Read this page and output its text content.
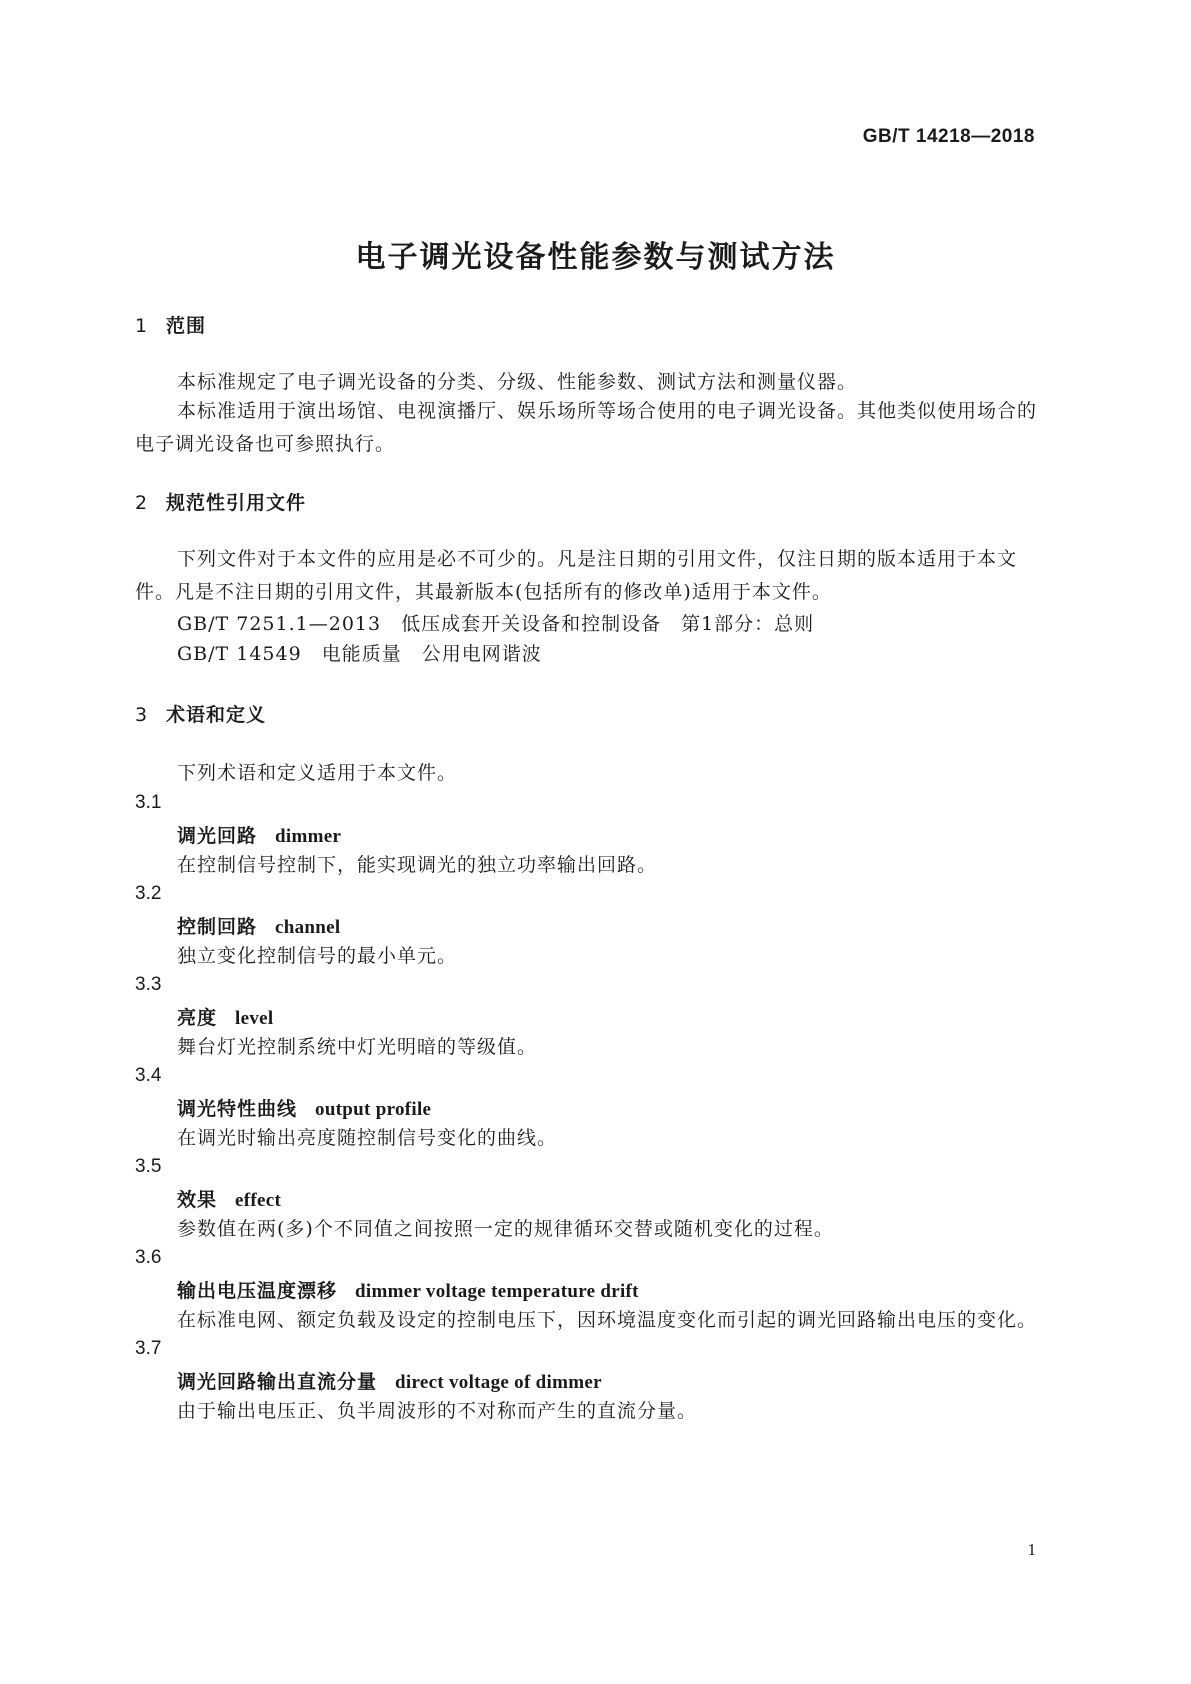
GB/T 14218—2018
电子调光设备性能参数与测试方法
1 范围

本标准规定了电子调光设备的分类、分级、性能参数、测试方法和测量仪器。

本标准适用于演出场馆、电视演播厅、娱乐场所等场合使用的电子调光设备。其他类似使用场合的电子调光设备也可参照执行。

2 规范性引用文件

下列文件对于本文件的应用是必不可少的。凡是注日期的引用文件，仅注日期的版本适用于本文件。凡是不注日期的引用文件，其最新版本(包括所有的修改单)适用于本文件。

GB/T 7251.1—2013　低压成套开关设备和控制设备　第1部分：总则
GB/T 14549　电能质量　公用电网谐波
3 术语和定义
下列术语和定义适用于本文件。
3.1
调光回路 dimmer
在控制信号控制下，能实现调光的独立功率输出回路。
3.2
控制回路 channel
独立变化控制信号的最小单元。
3.3
亮度 level
舞台灯光控制系统中灯光明暗的等级值。
3.4
调光特性曲线 output profile
在调光时输出亮度随控制信号变化的曲线。
3.5
效果 effect
参数值在两(多)个不同值之间按照一定的规律循环交替或随机变化的过程。
3.6
输出电压温度漂移 dimmer voltage temperature drift
在标准电网、额定负载及设定的控制电压下，因环境温度变化而引起的调光回路输出电压的变化。
3.7
调光回路输出直流分量 direct voltage of dimmer
由于输出电压正、负半周波形的不对称而产生的直流分量。
1
